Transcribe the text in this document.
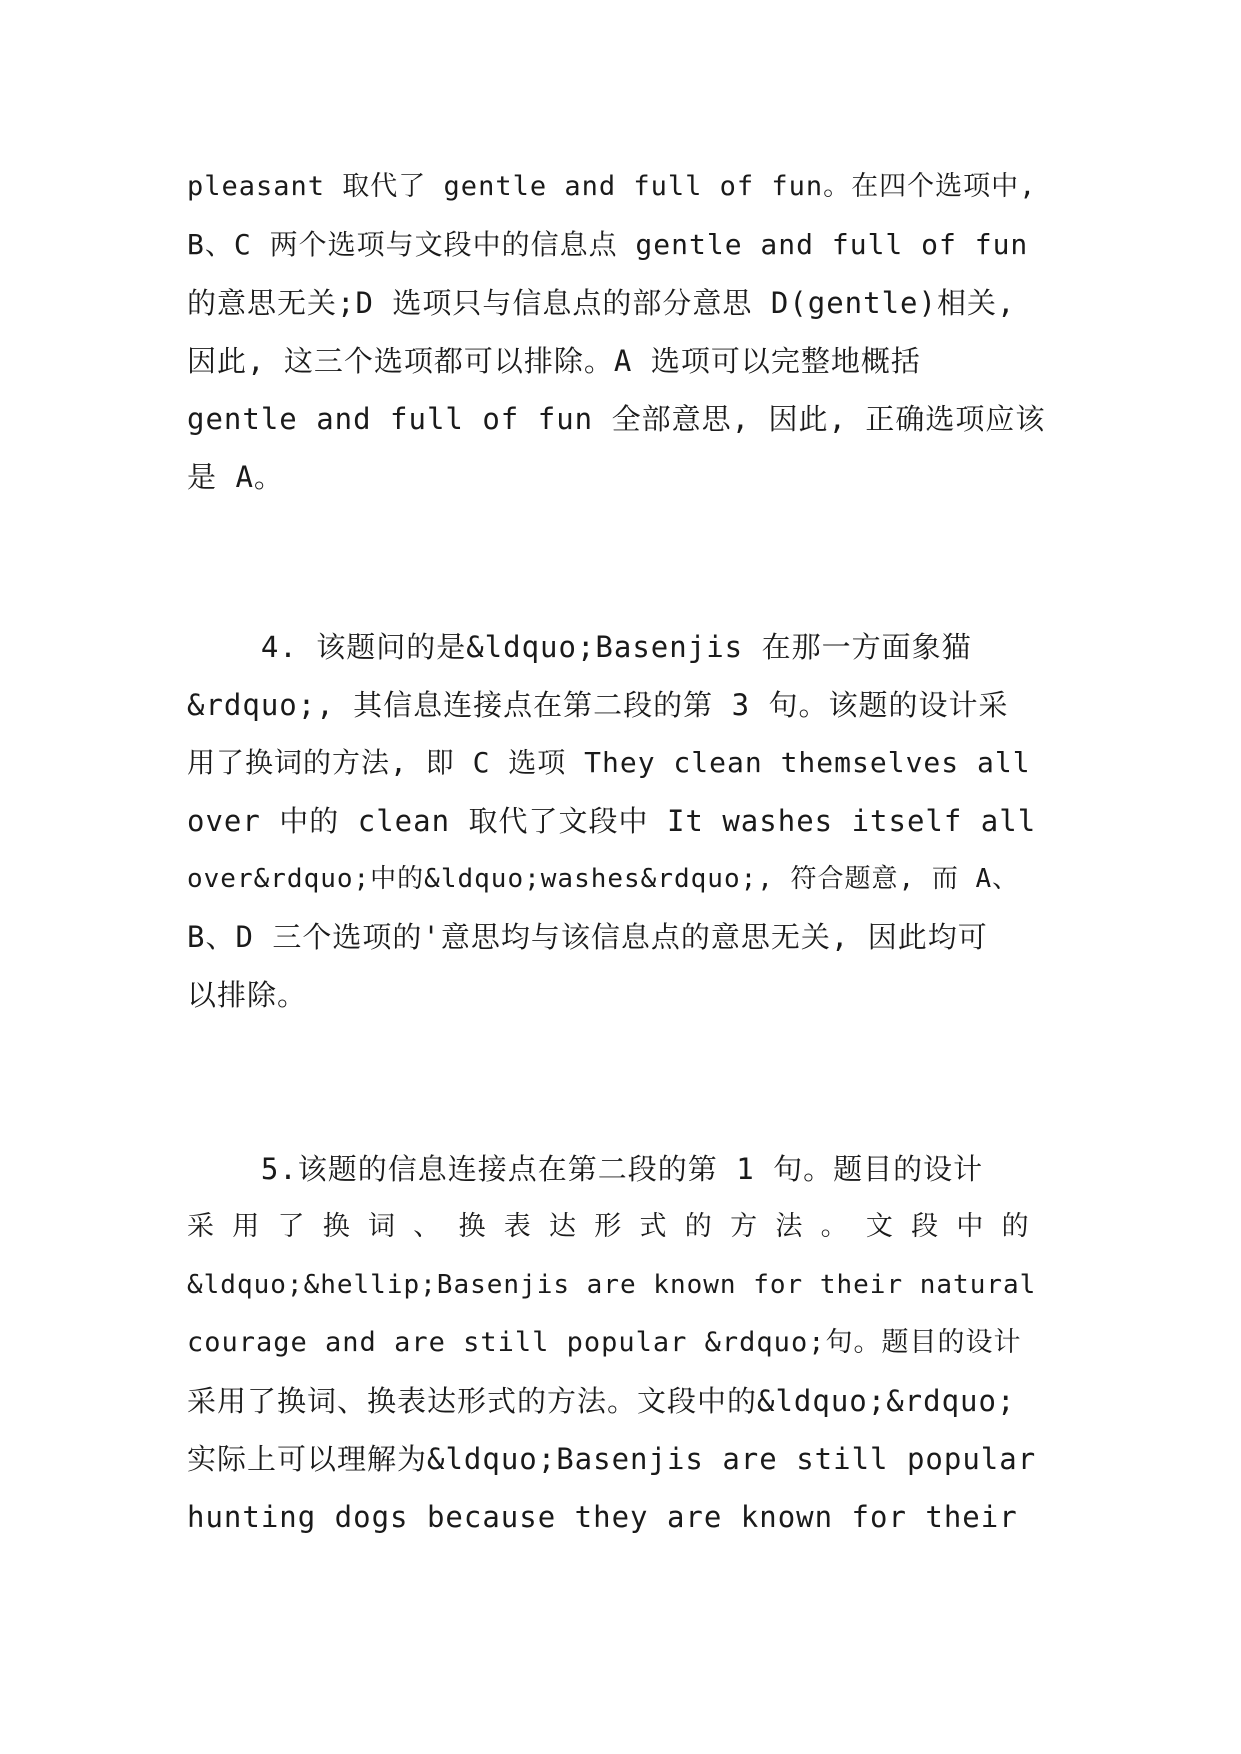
pleasant 取代了 gentle and full of fun。在四个选项中,
B、C 两个选项与文段中的信息点 gentle and full of fun
的意思无关;D 选项只与信息点的部分意思 D(gentle)相关,
因此, 这三个选项都可以排除。A 选项可以完整地概括
gentle and full of fun 全部意思, 因此, 正确选项应该
是 A。
4. 该题问的是&ldquo;Basenjis 在那一方面象猫
&rdquo;, 其信息连接点在第二段的第 3 句。该题的设计采
用了换词的方法, 即 C 选项 They clean themselves all
over 中的 clean 取代了文段中 It washes itself all
over&rdquo;中的&ldquo;washes&rdquo;, 符合题意, 而 A、
B、D 三个选项的'意思均与该信息点的意思无关, 因此均可
以排除。
5.该题的信息连接点在第二段的第 1 句。题目的设计
采 用 了 换 词 、 换 表 达 形 式 的 方 法 。 文 段 中 的
&ldquo;&hellip;Basenjis are known for their natural
courage and are still popular &rdquo;句。题目的设计
采用了换词、换表达形式的方法。文段中的&ldquo;&rdquo;
实际上可以理解为&ldquo;Basenjis are still popular
hunting dogs because they are known for their
